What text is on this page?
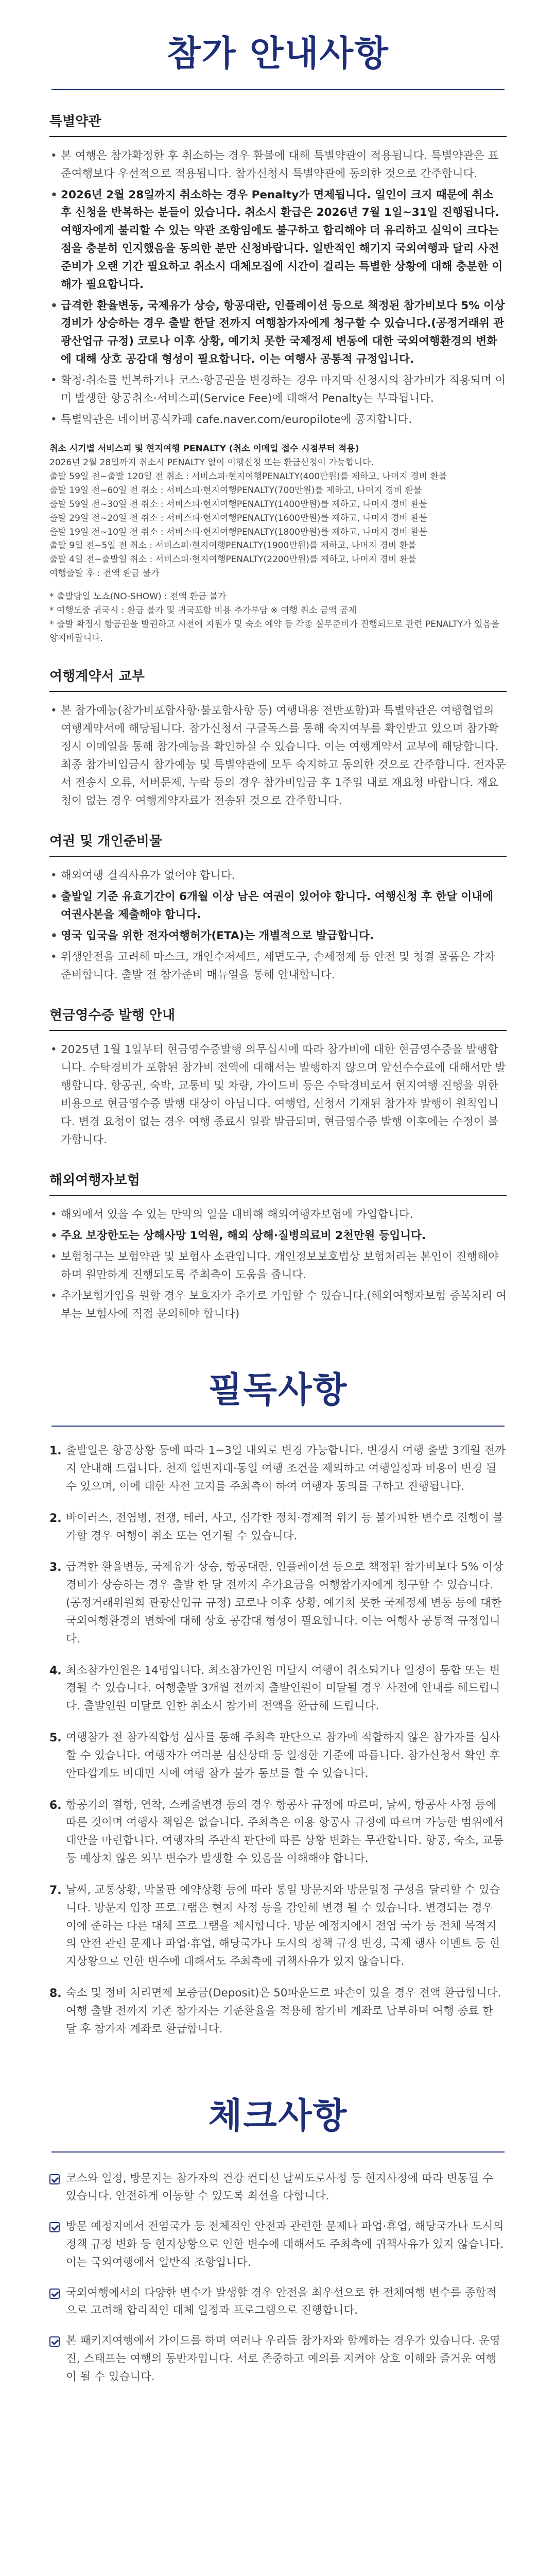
참가 안내사항
특별약관
• 본 여행은 참가확정한 후 취소하는 경우 환불에 대해 특별약관이 적용됩니다. 특별약관은 표준여행보다 우선적으로 적용됩니다. 참가신청시 특별약관에 동의한 것으로 간주합니다.
• 2026년 2월 28일까지 취소하는 경우 Penalty가 면제됩니다. 일인이 크지 때문에 취소 후 신청을 반복하는 분들이 있습니다. 취소시 환급은 2026년 7월 1일~31일 진행됩니다. 여행자에게 불리할 수 있는 약관 조항임에도 불구하고 합리해야 더 유리하고 실익이 크다는 점을 충분히 인지했음을 동의한 분만 신청바랍니다. 일반적인 해기지 국외여행과 달리 사전 준비가 오랜 기간 필요하고 취소시 대체모집에 시간이 걸리는 특별한 상황에 대해 충분한 이해가 필요합니다.
• 급격한 환율변동, 국제유가 상승, 항공대란, 인플레이션 등으로 책정된 참가비보다 5% 이상 경비가 상승하는 경우 출발 한달 전까지 여행참가자에게 청구할 수 있습니다.(공정거래위 관광산업규 규정) 코로나 이후 상황, 예기치 못한 국제정세 변동에 대한 국외여행환경의 변화에 대해 상호 공감대 형성이 필요합니다. 이는 여행사 공통적 규정입니다.
• 확정·취소를 번복하거나 코스·항공권을 변경하는 경우 마지막 신청시의 참가비가 적용되며 이미 발생한 항공취소·서비스피(Service Fee)에 대해서 Penalty는 부과됩니다.
• 특별약관은 네이버공식카페 cafe.naver.com/europilote에 공지합니다.
취소 시기별 서비스피 및 현지여행 PENALTY (취소 이메일 접수 시점부터 적용)
2026년 2월 28일까지 취소시 PENALTY 없이 이행신청 또는 환급신청이 가능합니다.
출발 59일 전~출발 120일 전 취소 : 서비스피·현지여행PENALTY(400만원)를 제하고, 나머지 경비 환불
출발 19일 전~60일 전 취소 : 서비스피·현지여행PENALTY(700만원)를 제하고, 나머지 경비 환불
출발 59일 전~30일 전 취소 : 서비스피·현지여행PENALTY(1400만원)를 제하고, 나머지 경비 환불
출발 29일 전~20일 전 취소 : 서비스피·현지여행PENALTY(1600만원)를 제하고, 나머지 경비 환불
출발 19일 전~10일 전 취소 : 서비스피·현지여행PENALTY(1800만원)를 제하고, 나머지 경비 환불
출발 9일 전~5일 전 취소 : 서비스피·현지여행PENALTY(1900만원)를 제하고, 나머지 경비 환불
출발 4일 전~출발일 취소 : 서비스피·현지여행PENALTY(2200만원)를 제하고, 나머지 경비 환불
여행출발 후 : 전액 환급 불가
* 출발당일 노쇼(NO-SHOW) : 전액 환급 불가
* 여행도중 귀국시 : 환급 불가 및 귀국포함 비용 추가부담 ※ 여행 취소 금액 공제
* 출발 확정시 항공권을 발권하고 시전에 지원가 및 숙소 예약 등 각종 실무준비가 진행되므로 관련 PENALTY가 있음을 양지바랍니다.
여행계약서 교부
• 본 참가예능(참가비포함사항·불포함사항 등) 여행내용 전반포함)과 특별약관은 여행협업의 여행계약서에 해당됩니다. 참가신청서 구글독스를 통해 숙지여부를 확인받고 있으며 참가확정시 이메일을 통해 참가예능을 확인하실 수 있습니다. 이는 여행계약서 교부에 해당합니다. 최종 참가비입금시 참가예능 및 특별약관에 모두 숙지하고 동의한 것으로 간주합니다. 전자문서 전송시 오류, 서버문제, 누락 등의 경우 참가비입금 후 1주일 내로 재요청 바랍니다. 재요청이 없는 경우 여행계약자료가 전송된 것으로 간주합니다.
여권 및 개인준비물
• 해외여행 결격사유가 없어야 합니다.
• 출발일 기준 유효기간이 6개월 이상 남은 여권이 있어야 합니다. 여행신청 후 한달 이내에 여권사본을 제출해야 합니다.
• 영국 입국을 위한 전자여행허가(ETA)는 개별적으로 발급합니다.
• 위생안전을 고려해 마스크, 개인수저세트, 세면도구, 손세정제 등 안전 및 청결 물품은 각자 준비합니다. 출발 전 참가준비 매뉴얼을 통해 안내합니다.
현금영수증 발행 안내
• 2025년 1월 1일부터 현금영수증발행 의무십시에 따라 참가비에 대한 현금영수증을 발행합니다. 수탁경비가 포함된 참가비 전액에 대해서는 발행하지 않으며 알선수수료에 대해서만 발행합니다. 항공권, 숙박, 교통비 및 차량, 가이드비 등은 수탁경비로서 현지여행 진행을 위한 비용으로 현금영수증 발행 대상이 아닙니다. 여행업, 신청서 기재된 참가자 발행이 원칙입니다. 변경 요청이 없는 경우 여행 종료시 일괄 발급되며, 현금영수증 발행 이후에는 수정이 불가합니다.
해외여행자보험
• 해외에서 있을 수 있는 만약의 일을 대비해 해외여행자보험에 가입합니다.
• 주요 보장한도는 상해사망 1억원, 해외 상해·질병의료비 2천만원 등입니다.
• 보험청구는 보험약관 및 보험사 소관입니다. 개인정보보호법상 보험처리는 본인이 진행해야 하며 원만하게 진행되도록 주최측이 도움을 줍니다.
• 추가보험가입을 원할 경우 보호자가 추가로 가입할 수 있습니다.(해외여행자보험 중복처리 여부는 보험사에 직접 문의해야 합니다)
필독사항
1. 출발일은 항공상황 등에 따라 1~3일 내외로 변경 가능합니다. 변경시 여행 출발 3개월 전까지 안내해 드립니다. 천재 일변지대·동일 여행 조건을 제외하고 여행일정과 비용이 변경 될 수 있으며, 이에 대한 사전 고지를 주최측이 하여 여행자 동의를 구하고 진행됩니다.
2. 바이러스, 전염병, 전쟁, 테러, 사고, 심각한 정치·경제적 위기 등 불가피한 변수로 진행이 불가할 경우 여행이 취소 또는 연기될 수 있습니다.
3. 급격한 환율변동, 국제유가 상승, 항공대란, 인플레이션 등으로 책정된 참가비보다 5% 이상 경비가 상승하는 경우 출발 한 달 전까지 추가요금을 여행참가자에게 청구할 수 있습니다.(공정거래위원회 관광산업규 규정) 코로나 이후 상황, 예기치 못한 국제정세 변동 등에 대한 국외여행환경의 변화에 대해 상호 공감대 형성이 필요합니다. 이는 여행사 공통적 규정입니다.
4. 최소참가인원은 14명입니다. 최소참가인원 미달시 여행이 취소되거나 일정이 통합 또는 변경될 수 있습니다. 여행출발 3개월 전까지 출발인원이 미달될 경우 사전에 안내를 해드립니다. 출발인원 미달로 인한 취소시 참가비 전액을 환급해 드립니다.
5. 여행참가 전 참가적합성 심사를 통해 주최측 판단으로 참가에 적합하지 않은 참가자를 심사할 수 있습니다. 여행자가 여러분 심신상태 등 일정한 기준에 따릅니다. 참가신청서 확인 후 안타깝게도 비대면 시에 여행 참가 불가 통보를 할 수 있습니다.
6. 항공기의 결항, 연착, 스케줄변경 등의 경우 항공사 규정에 따르며, 날씨, 항공사 사정 등에 따른 것이며 여행사 책임은 없습니다. 주최측은 이용 항공사 규정에 따르며 가능한 범위에서 대안을 마련합니다. 여행자의 주관적 판단에 따른 상황 변화는 무관합니다. 항공, 숙소, 교통 등 예상치 않은 외부 변수가 발생할 수 있음을 이해해야 합니다.
7. 날씨, 교통상황, 박물관 예약상황 등에 따라 통일 방문지와 방문일정 구성을 달리할 수 있습니다. 방문지 입장 프로그램은 현지 사정 등을 감안해 변경 될 수 있습니다. 변경되는 경우 이에 준하는 다른 대체 프로그램을 제시합니다. 방문 예정지에서 전염 국가 등 전체 목적지의 안전 관련 문제나 파업·휴업, 해당국가나 도시의 정책 규정 변경, 국제 행사 이벤트 등 현지상황으로 인한 변수에 대해서도 주최측에 귀책사유가 있지 않습니다.
8. 숙소 및 정비 처리면제 보증금(Deposit)은 50파운드로 파손이 있을 경우 전액 환급합니다. 여행 출발 전까지 기존 참가자는 기준환율을 적용해 참가비 계좌로 납부하며 여행 종료 한 달 후 참가자 계좌로 환급합니다.
체크사항
코스와 일정, 방문지는 참가자의 건강 컨디션 날씨도로사정 등 현지사정에 따라 변동될 수 있습니다. 안전하게 이동할 수 있도록 최선을 다합니다.
방문 예정지에서 전염국가 등 전체적인 안전과 관련한 문제나 파업·휴업, 해당국가나 도시의 정책 규정 변화 등 현지상황으로 인한 변수에 대해서도 주최측에 귀책사유가 있지 않습니다. 이는 국외여행에서 일반적 조항입니다.
국외여행에서의 다양한 변수가 발생할 경우 안전을 최우선으로 한 전체여행 변수를 종합적으로 고려해 합리적인 대체 일정과 프로그램으로 진행합니다.
본 패키지여행에서 가이드를 하며 여러나 우리들 참가자와 함께하는 경우가 있습니다. 운영진, 스태프는 여행의 동반자입니다. 서로 존중하고 예의를 지켜야 상호 이해와 즐거운 여행이 될 수 있습니다.
